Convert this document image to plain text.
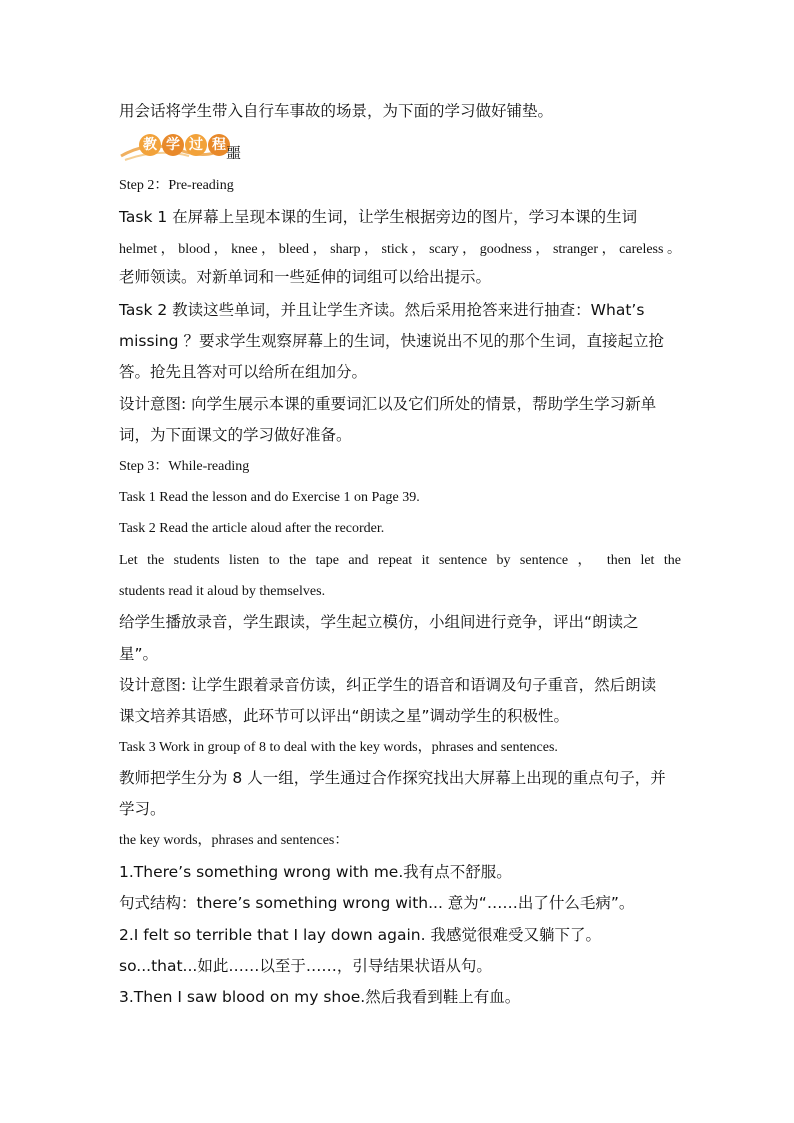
用会话将学生带入自行车事故的场景，为下面的学习做好铺垫。
教 学 过 程 噩
Step 2：Pre-reading
Task 1 在屏幕上呈现本课的生词，让学生根据旁边的图片，学习本课的生词
helmet，blood，knee，bleed，sharp，stick，scary，goodness，stranger，careless。
老师领读。对新单词和一些延伸的词组可以给出提示。
Task 2 教读这些单词，并且让学生齐读。然后采用抢答来进行抽查：What’s
missing ？要求学生观察屏幕上的生词，快速说出不见的那个生词，直接起立抢
答。抢先且答对可以给所在组加分。
设计意图: 向学生展示本课的重要词汇以及它们所处的情景，帮助学生学习新单
词，为下面课文的学习做好准备。
Step 3：While-reading
Task 1 Read the lesson and do Exercise 1 on Page 39.
Task 2 Read the article aloud after the recorder.
Let the students listen to the tape and repeat it sentence by sentence ， then let the
students read it aloud by themselves.
给学生播放录音，学生跟读，学生起立模仿，小组间进行竞争，评出“朗读之
星”。
设计意图: 让学生跟着录音仿读，纠正学生的语音和语调及句子重音，然后朗读
课文培养其语感，此环节可以评出“朗读之星”调动学生的积极性。
Task 3 Work in group of 8 to deal with the key words，phrases and sentences.
教师把学生分为 8 人一组，学生通过合作探究找出大屏幕上出现的重点句子，并
学习。
the key words，phrases and sentences：
1.There’s something wrong with me.我有点不舒服。
句式结构：there’s something wrong with... 意为“……出了什么毛病”。
2.I felt so terrible that I lay down again. 我感觉很难受又躺下了。
so...that...如此……以至于……，引导结果状语从句。
3.Then I saw blood on my shoe.然后我看到鞋上有血。
